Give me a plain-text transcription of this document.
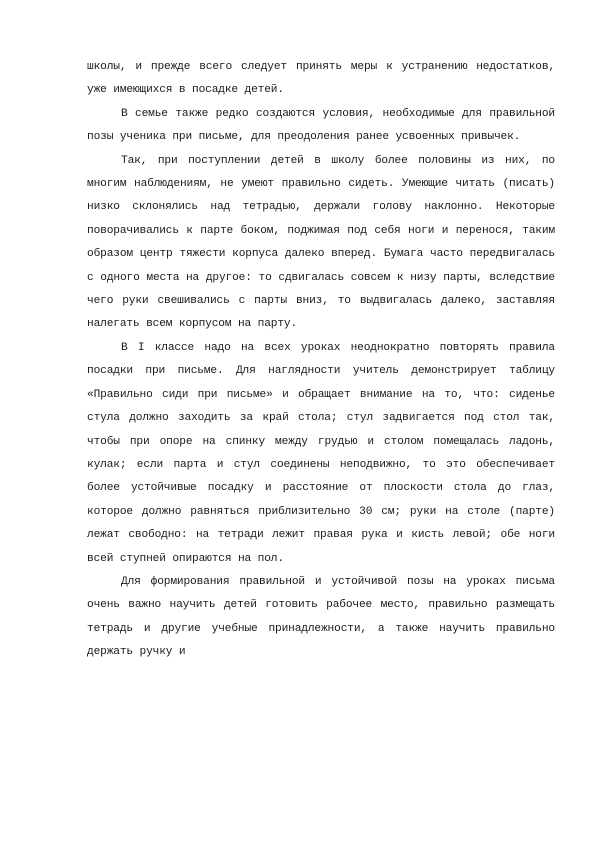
школы, и прежде всего следует принять меры к устранению недостатков, уже имеющихся в посадке детей.

В семье также редко создаются условия, необходимые для правильной позы ученика при письме, для преодоления ранее усвоенных привычек.

Так, при поступлении детей в школу более половины из них, по многим наблюдениям, не умеют правильно сидеть. Умеющие читать (писать) низко склонялись над тетрадью, держали голову наклонно. Некоторые поворачивались к парте боком, поджимая под себя ноги и перенося, таким образом центр тяжести корпуса далеко вперед. Бумага часто передвигалась с одного места на другое: то сдвигалась совсем к низу парты, вследствие чего руки свешивались с парты вниз, то выдвигалась далеко, заставляя налегать всем корпусом на парту.

В I классе надо на всех уроках неоднократно повторять правила посадки при письме. Для наглядности учитель демонстрирует таблицу «Правильно сиди при письме» и обращает внимание на то, что: сиденье стула должно заходить за край стола; стул задвигается под стол так, чтобы при опоре на спинку между грудью и столом помещалась ладонь, кулак; если парта и стул соединены неподвижно, то это обеспечивает более устойчивые посадку и расстояние от плоскости стола до глаз, которое должно равняться приблизительно 30 см; руки на столе (парте) лежат свободно: на тетради лежит правая рука и кисть левой; обе ноги всей ступней опираются на пол.

Для формирования правильной и устойчивой позы на уроках письма очень важно научить детей готовить рабочее место, правильно размещать тетрадь и другие учебные принадлежности, а также научить правильно держать ручку и
